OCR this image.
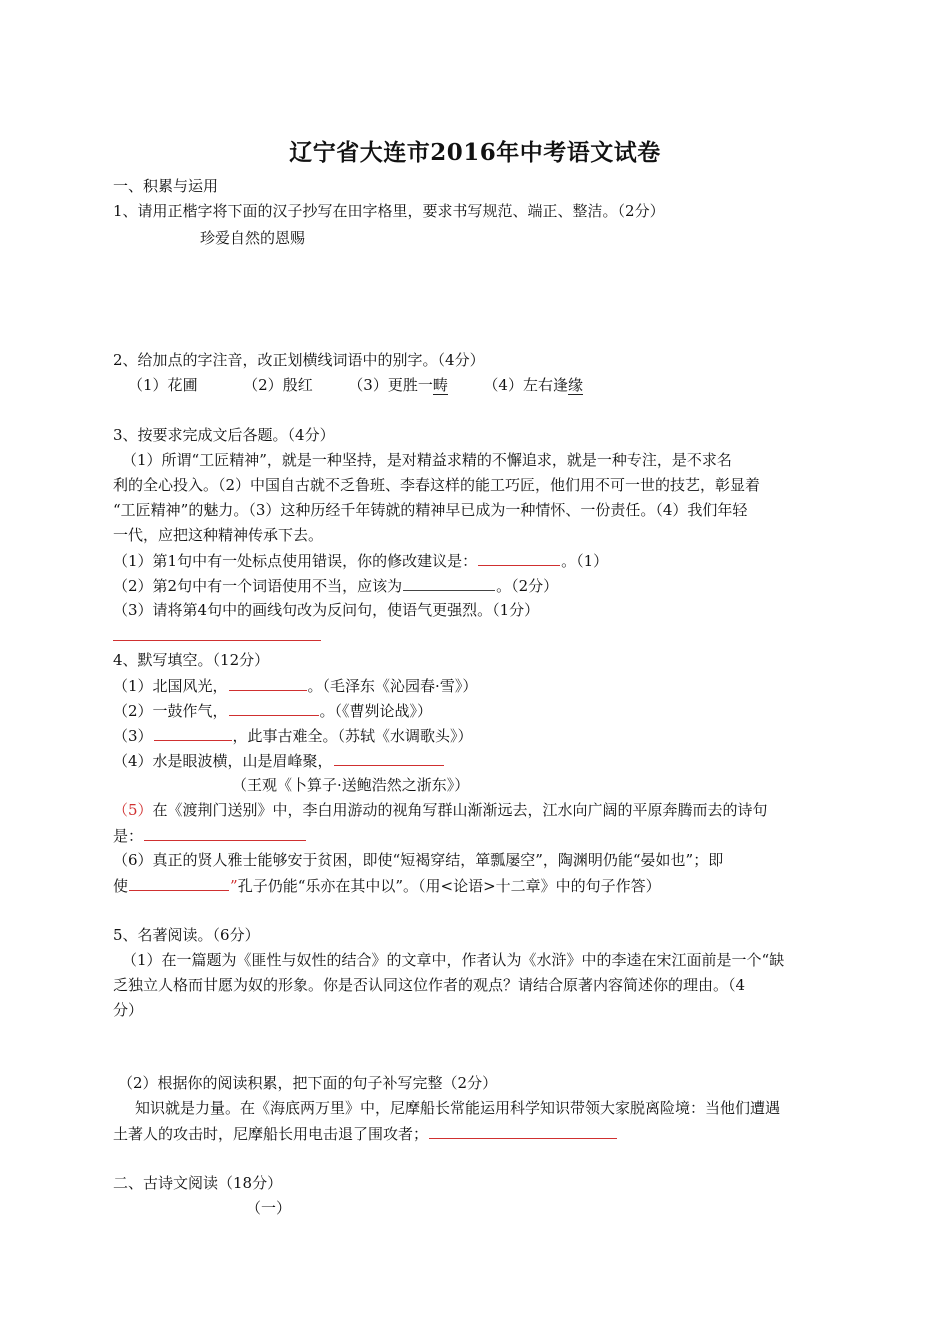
辽宁省大连市2016年中考语文试卷
一、积累与运用
1、请用正楷字将下面的汉子抄写在田字格里，要求书写规范、端正、整洁。（2分）
珍爱自然的恩赐
2、给加点的字注音，改正划横线词语中的别字。（4分）
（1）花圃	（2）殷红 （3）更胜一畴 （4）左右逢缘
3、按要求完成文后各题。（4分）
（1）所谓“工匠精神”，就是一种坚持，是对精益求精的不懈追求，就是一种专注，是不求名
利的全心投入。（2）中国自古就不乏鲁班、李春这样的能工巧匠，他们用不可一世的技艺，彰显着
“工匠精神”的魅力。（3）这种历经千年铸就的精神早已成为一种情怀、一份责任。（4）我们年轻
一代，应把这种精神传承下去。
（1）第1句中有一处标点使用错误，你的修改建议是：	。（1）
（2）第2句中有一个词语使用不当，应该为	。（2分）
（3）请将第4句中的画线句改为反问句，使语气更强烈。（1分）
4、默写填空。（12分）
（1）北国风光，	。（毛泽东《沁园春·雪》）
（2）一鼓作气，	。（《曹刿论战》）
（3）	，此事古难全。（苏轼《水调歌头》）
（4）水是眼波横，山是眉峰聚，
（王观《卜算子·送鲍浩然之浙东》）
（5）在《渡荆门送别》中，李白用游动的视角写群山渐渐远去，江水向广阔的平原奔腾而去的诗句
是：
（6）真正的贤人雅士能够安于贫困，即使“短褐穿结，箪瓢屡空”，陶渊明仍能“晏如也”；即
使	”孔子仍能“乐亦在其中以”。（用<论语>十二章》中的句子作答）
5、名著阅读。（6分）
（1）在一篇题为《匪性与奴性的结合》的文章中，作者认为《水浒》中的李逵在宋江面前是一个“缺
乏独立人格而甘愿为奴的形象。你是否认同这位作者的观点？请结合原著内容简述你的理由。（4
分）
（2）根据你的阅读积累，把下面的句子补写完整（2分）
知识就是力量。在《海底两万里》中，尼摩船长常能运用科学知识带领大家脱离险境：当他们遭遇
土著人的攻击时，尼摩船长用电击退了围攻者；
二、古诗文阅读（18分）
（一）
